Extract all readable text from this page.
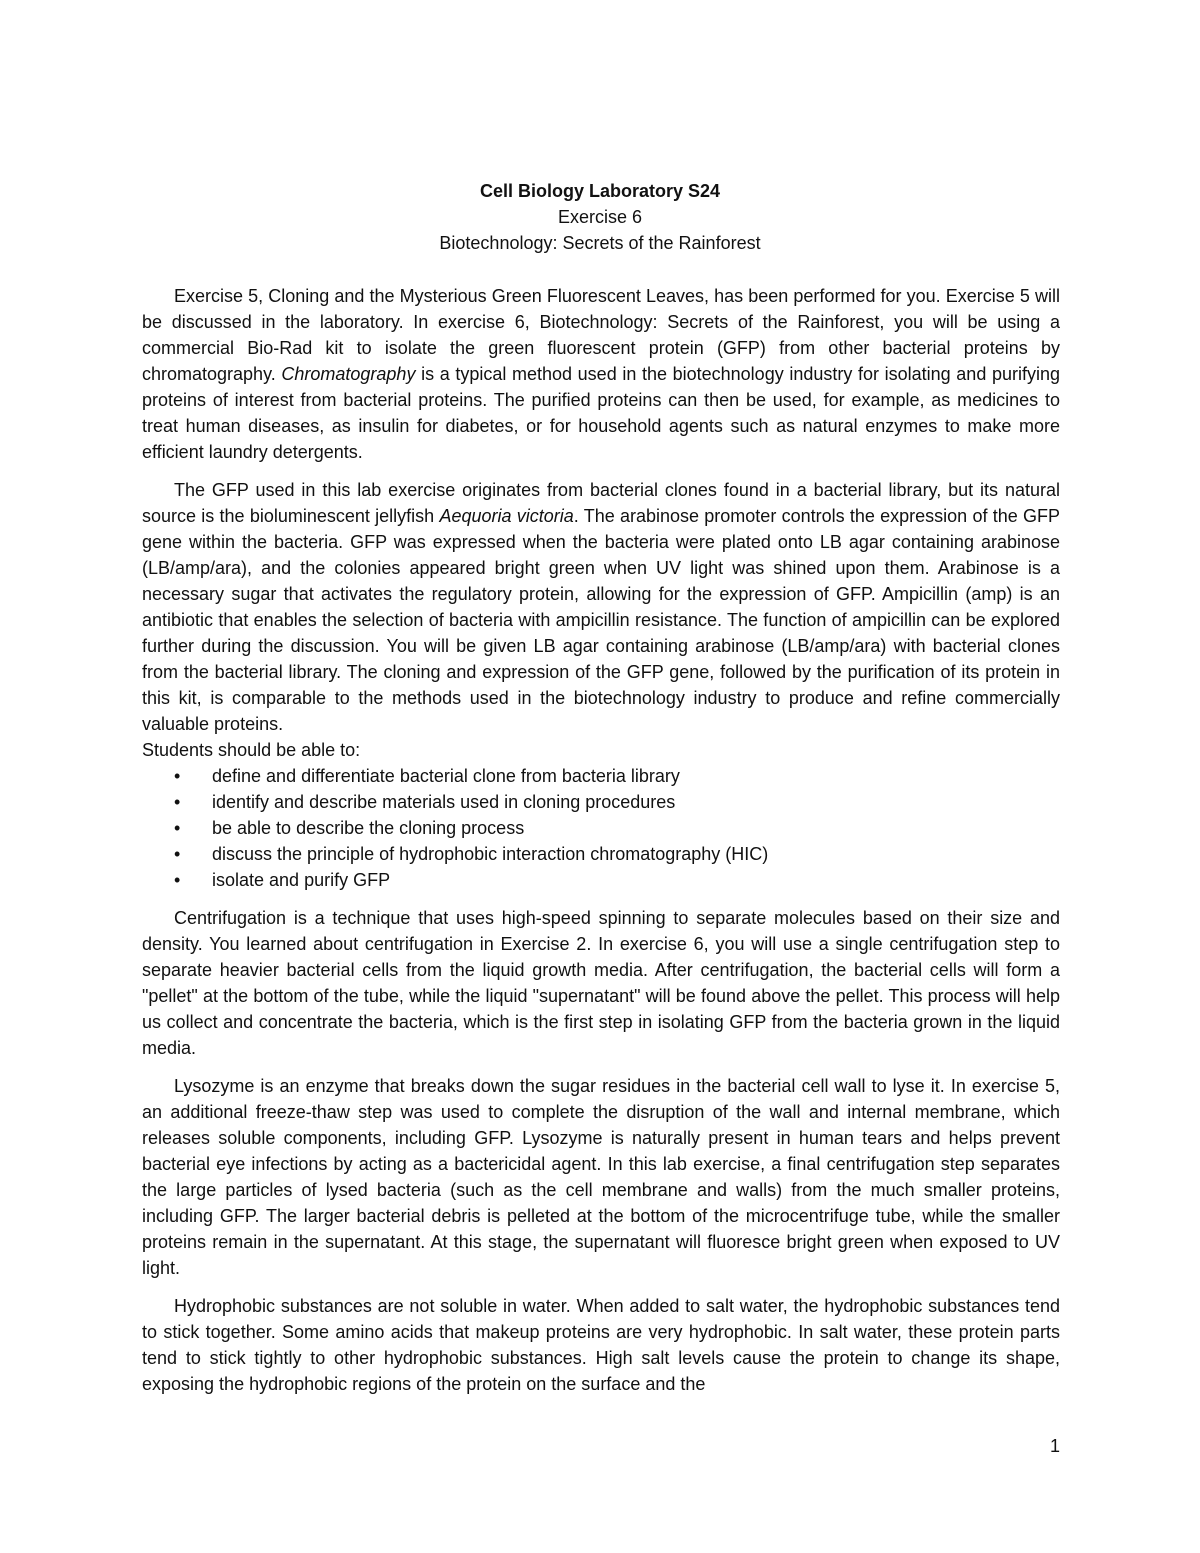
Cell Biology Laboratory S24
Exercise 6
Biotechnology: Secrets of the Rainforest

Exercise 5, Cloning and the Mysterious Green Fluorescent Leaves, has been performed for you. Exercise 5 will be discussed in the laboratory. In exercise 6, Biotechnology: Secrets of the Rainforest, you will be using a commercial Bio-Rad kit to isolate the green fluorescent protein (GFP) from other bacterial proteins by chromatography. Chromatography is a typical method used in the biotechnology industry for isolating and purifying proteins of interest from bacterial proteins. The purified proteins can then be used, for example, as medicines to treat human diseases, as insulin for diabetes, or for household agents such as natural enzymes to make more efficient laundry detergents.

The GFP used in this lab exercise originates from bacterial clones found in a bacterial library, but its natural source is the bioluminescent jellyfish Aequoria victoria. The arabinose promoter controls the expression of the GFP gene within the bacteria. GFP was expressed when the bacteria were plated onto LB agar containing arabinose (LB/amp/ara), and the colonies appeared bright green when UV light was shined upon them. Arabinose is a necessary sugar that activates the regulatory protein, allowing for the expression of GFP. Ampicillin (amp) is an antibiotic that enables the selection of bacteria with ampicillin resistance. The function of ampicillin can be explored further during the discussion. You will be given LB agar containing arabinose (LB/amp/ara) with bacterial clones from the bacterial library. The cloning and expression of the GFP gene, followed by the purification of its protein in this kit, is comparable to the methods used in the biotechnology industry to produce and refine commercially valuable proteins.

Students should be able to:

• define and differentiate bacterial clone from bacteria library
• identify and describe materials used in cloning procedures
• be able to describe the cloning process
• discuss the principle of hydrophobic interaction chromatography (HIC)
• isolate and purify GFP

Centrifugation is a technique that uses high-speed spinning to separate molecules based on their size and density. You learned about centrifugation in Exercise 2. In exercise 6, you will use a single centrifugation step to separate heavier bacterial cells from the liquid growth media. After centrifugation, the bacterial cells will form a "pellet" at the bottom of the tube, while the liquid "supernatant" will be found above the pellet. This process will help us collect and concentrate the bacteria, which is the first step in isolating GFP from the bacteria grown in the liquid media.

Lysozyme is an enzyme that breaks down the sugar residues in the bacterial cell wall to lyse it. In exercise 5, an additional freeze-thaw step was used to complete the disruption of the wall and internal membrane, which releases soluble components, including GFP. Lysozyme is naturally present in human tears and helps prevent bacterial eye infections by acting as a bactericidal agent. In this lab exercise, a final centrifugation step separates the large particles of lysed bacteria (such as the cell membrane and walls) from the much smaller proteins, including GFP. The larger bacterial debris is pelleted at the bottom of the microcentrifuge tube, while the smaller proteins remain in the supernatant. At this stage, the supernatant will fluoresce bright green when exposed to UV light.

Hydrophobic substances are not soluble in water. When added to salt water, the hydrophobic substances tend to stick together. Some amino acids that makeup proteins are very hydrophobic. In salt water, these protein parts tend to stick tightly to other hydrophobic substances. High salt levels cause the protein to change its shape, exposing the hydrophobic regions of the protein on the surface and the

1
